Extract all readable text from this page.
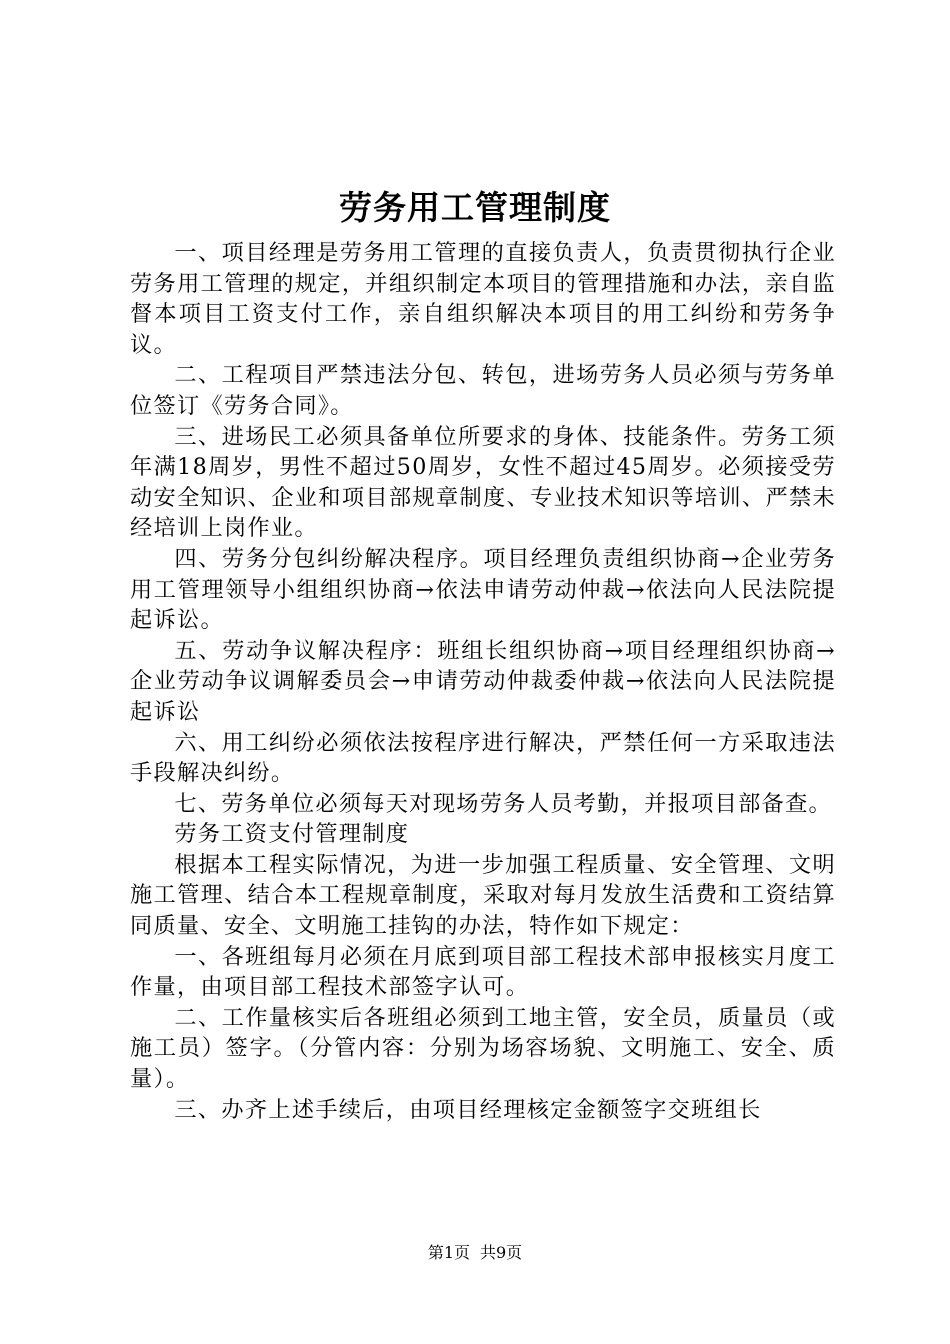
劳务用工管理制度

一、项目经理是劳务用工管理的直接负责人，负责贯彻执行企业劳务用工管理的规定，并组织制定本项目的管理措施和办法，亲自监督本项目工资支付工作，亲自组织解决本项目的用工纠纷和劳务争议。

二、工程项目严禁违法分包、转包，进场劳务人员必须与劳务单位签订《劳务合同》。

三、进场民工必须具备单位所要求的身体、技能条件。劳务工须年满18周岁，男性不超过50周岁，女性不超过45周岁。必须接受劳动安全知识、企业和项目部规章制度、专业技术知识等培训、严禁未经培训上岗作业。

四、劳务分包纠纷解决程序。项目经理负责组织协商→企业劳务用工管理领导小组组织协商→依法申请劳动仲裁→依法向人民法院提起诉讼。

五、劳动争议解决程序：班组长组织协商→项目经理组织协商→企业劳动争议调解委员会→申请劳动仲裁委仲裁→依法向人民法院提起诉讼

六、用工纠纷必须依法按程序进行解决，严禁任何一方采取违法手段解决纠纷。

七、劳务单位必须每天对现场劳务人员考勤，并报项目部备查。

劳务工资支付管理制度

根据本工程实际情况，为进一步加强工程质量、安全管理、文明施工管理、结合本工程规章制度，采取对每月发放生活费和工资结算同质量、安全、文明施工挂钩的办法，特作如下规定：

一、各班组每月必须在月底到项目部工程技术部申报核实月度工作量，由项目部工程技术部签字认可。

二、工作量核实后各班组必须到工地主管，安全员，质量员（或施工员）签字。（分管内容：分别为场容场貌、文明施工、安全、质量）。

三、办齐上述手续后，由项目经理核定金额签字交班组长

第1页 共9页
